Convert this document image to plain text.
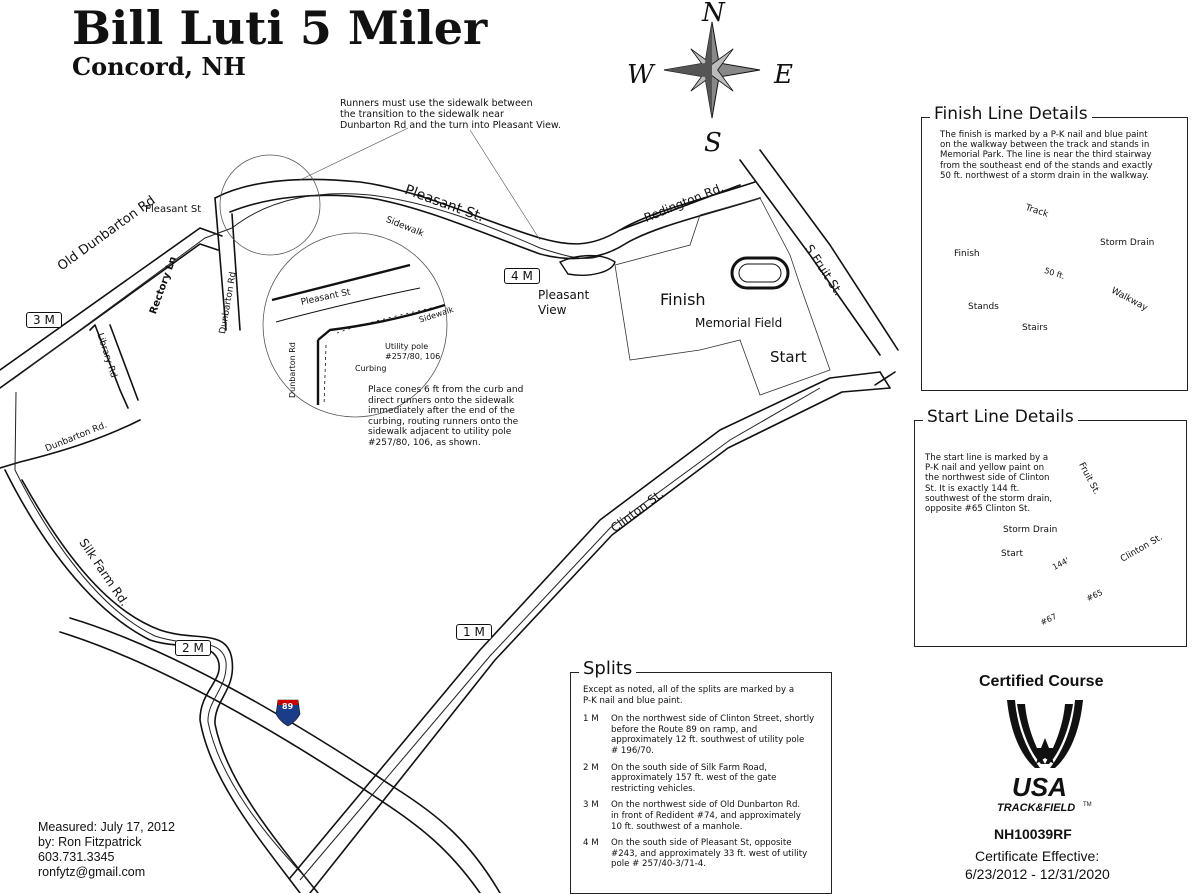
Bill Luti 5 Miler
Concord, NH
N
W	E
S
Runners must use the sidewalk between
the transition to the sidewalk near
Dunbarton Rd and the turn into Pleasant View.
Old Dunbarton Rd
Pleasant St	Pleasant St.
Sidewalk
Rectory Ln	Dunbarton Rd
Library Rd
Dunbarton Rd.
Silk Farm Rd.
Redington Rd.
S Fruit St.
Clinton St.
Pleasant
View
Finish
Memorial Field
Start
89
3 M
4 M
2 M
1 M
Pleasant St
Sidewalk
Dunbarton Rd	Utility pole
#257/80, 106
Curbing
Place cones 6 ft from the curb and
direct runners onto the sidewalk
immediately after the end of the
curbing, routing runners onto the
sidewalk adjacent to utility pole
#257/80, 106, as shown.
Finish Line Details
The finish is marked by a P-K nail and blue paint
on the walkway between the track and stands in
Memorial Park. The line is near the third stairway
from the southeast end of the stands and exactly
50 ft. northwest of a storm drain in the walkway.
Track
Storm Drain
Finish
50 ft.
Walkway
Stands
Stairs
Start Line Details
The start line is marked by a
P-K nail and yellow paint on
the northwest side of Clinton
St. It is exactly 144 ft.
southwest of the storm drain,
opposite #65 Clinton St.
Fruit St.
Storm Drain
Start
144'	Clinton St.
#67
#65
Splits
Except as noted, all of the splits are marked by a
P-K nail and blue paint.
1 M	On the northwest side of Clinton Street, shortly
before the Route 89 on ramp, and
approximately 12 ft. southwest of utility pole
# 196/70.
2 M	On the south side of Silk Farm Road,
approximately 157 ft. west of the gate
restricting vehicles.
3 M	On the northwest side of Old Dunbarton Rd.
in front of Redident #74, and approximately
10 ft. southwest of a manhole.
4 M	On the south side of Pleasant St, opposite
#243, and approximately 33 ft. west of utility
pole # 257/40-3/71-4.
Measured: July 17, 2012
by: Ron Fitzpatrick
603.731.3345
ronfytz@gmail.com
Certified Course
USA
TRACK&FIELD TM
NH10039RF
Certificate Effective:
6/23/2012 - 12/31/2020
